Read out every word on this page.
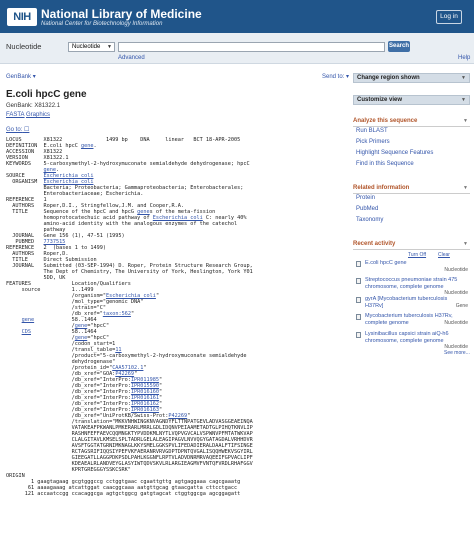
NIH National Library of Medicine
National Center for Biotechnology Information
Log in
Nucleotide	Nucleotide ▼	Search
Advanced	Help
GenBank ▾	Send to: ▾
E.coli hpcC gene
GenBank: X81322.1
FASTA Graphics
Go to: ☐
LOCUS       X81322              1499 bp    DNA     linear   BCT 18-APR-2005
DEFINITION  E.coli hpcC gene.
ACCESSION   X81322
VERSION     X81322.1
KEYWORDS    5-carboxymethyl-2-hydroxymuconate semialdehyde dehydrogenase; hpcC
gene.
SOURCE      Escherichia coli
ORGANISM  Escherichia coli
Bacteria; Proteobacteria; Gammaproteobacteria; Enterobacterales;
Enterobacteriaceae; Escherichia.
REFERENCE   1
AUTHORS   Roper,D.I., Stringfellow,J.M. and Cooper,R.A.
TITLE     Sequence of the hpcC and hpcG genes of the meta-fission
homoprotocatechuic acid pathway of Escherichia coli C: nearly 40%
amino-acid identity with the analogous enzymes of the catechol
pathway
JOURNAL   Gene 156 (1), 47-51 (1995)
PUBMED   7737515
REFERENCE   2  (bases 1 to 1499)
AUTHORS   Roper,D.
TITLE     Direct Submission
JOURNAL   Submitted (03-SEP-1994) D. Roper, Protein Structure Research Group,
The Dept of Chemistry, The University of York, Heslington, York Y01
5DD, UK
FEATURES             Location/Qualifiers
source          1..1499
/organism="Escherichia coli"
/mol_type="genomic DNA"
/strain="C"
/db_xref="taxon:562"
gene            58..1464
/gene="hpcC"
CDS             58..1464
/gene="hpcC"
/codon_start=1
/transl_table=11
/product="5-carboxymethyl-2-hydroxymuconate semialdehyde
dehydrogenase"
/protein_id="CAA57102.1"
/db_xref="GOA:P42269"
/db_xref="InterPro:IPR011985"
/db_xref="InterPro:IPR015590"
/db_xref="InterPro:IPR016160"
/db_xref="InterPro:IPR016161"
/db_xref="InterPro:IPR016162"
/db_xref="InterPro:IPR016163"
/db_xref="UniProtKB/Swiss-Prot:P42269"
/translation="MKKVNHWINGKNVAGNDYFLTTNPATGEVLADVASGGEAEINQA
VATAKEAFPKWANLPMKERARLMRRLGDLIDQNVPEIAAMETADTGLPIHQTKNVLIP
RASHNFEFFAEVCQQMNGKTYPVDDKMLNYTLVQPVGVCALVSPWNVPFMTATWKVAP
CLALGITAVLKMSELSPLTADRLGELALEAGIPAGVLNVVQGYGATAGDALVRHHDVR
AVSFTGGTATGRNIMKNAGLKKYSMELGGKSPVLIFEDADIERALDAALFTIFSINGE
RCTAGSRIFIQQSIYPEFVKFAERANRVRVGDPTDPNTQVGALISQQHWEKVSGYIRL
GIEEGATLLAGGPDKPSDLPAHLKGGNFLRPTVLADVDNRMRVAQEEIFGPVACLIPF
KDEAEALRLANDVEYGLASYIWTQDVSKVLRLARGIEAGMVFVNTQFVRDLRHAFGGV
KPRTGREGGGYSSKCSRK"
ORIGIN
1 gaagtagaag gcgtgggccg cctggtgaac cgaattgttg agtgaggaaa cagcgaaatg
61 aaaagaaag atcattggat caacggcaaa aatgttgcag gtaacgatta cttcctgacc
121 accaatccgg ccacaggcga agtgctggcg gatgtagcat ctggtggcga agcggagatt
Change region shown	▼
Customize view	▼
Analyze this sequence	▼
Run BLAST
Pick Primers
Highlight Sequence Features
Find in this Sequence
Related information	▼
Protein
PubMed
Taxonomy
Recent activity	▼
Turn Off Clear
E.coli hpcC gene
Nucleotide
Streptococcus pneumoniae strain 475 chromosome, complete genome
Nucleotide
gyrA [Mycobacterium tuberculosis H37Rv]	Gene
Mycobacterium tuberculosis H37Rv, complete genome	Nucleotide
Lysinibacillus capsici strain aiQ-h6 chromosome, complete genome
Nucleotide
See more...
